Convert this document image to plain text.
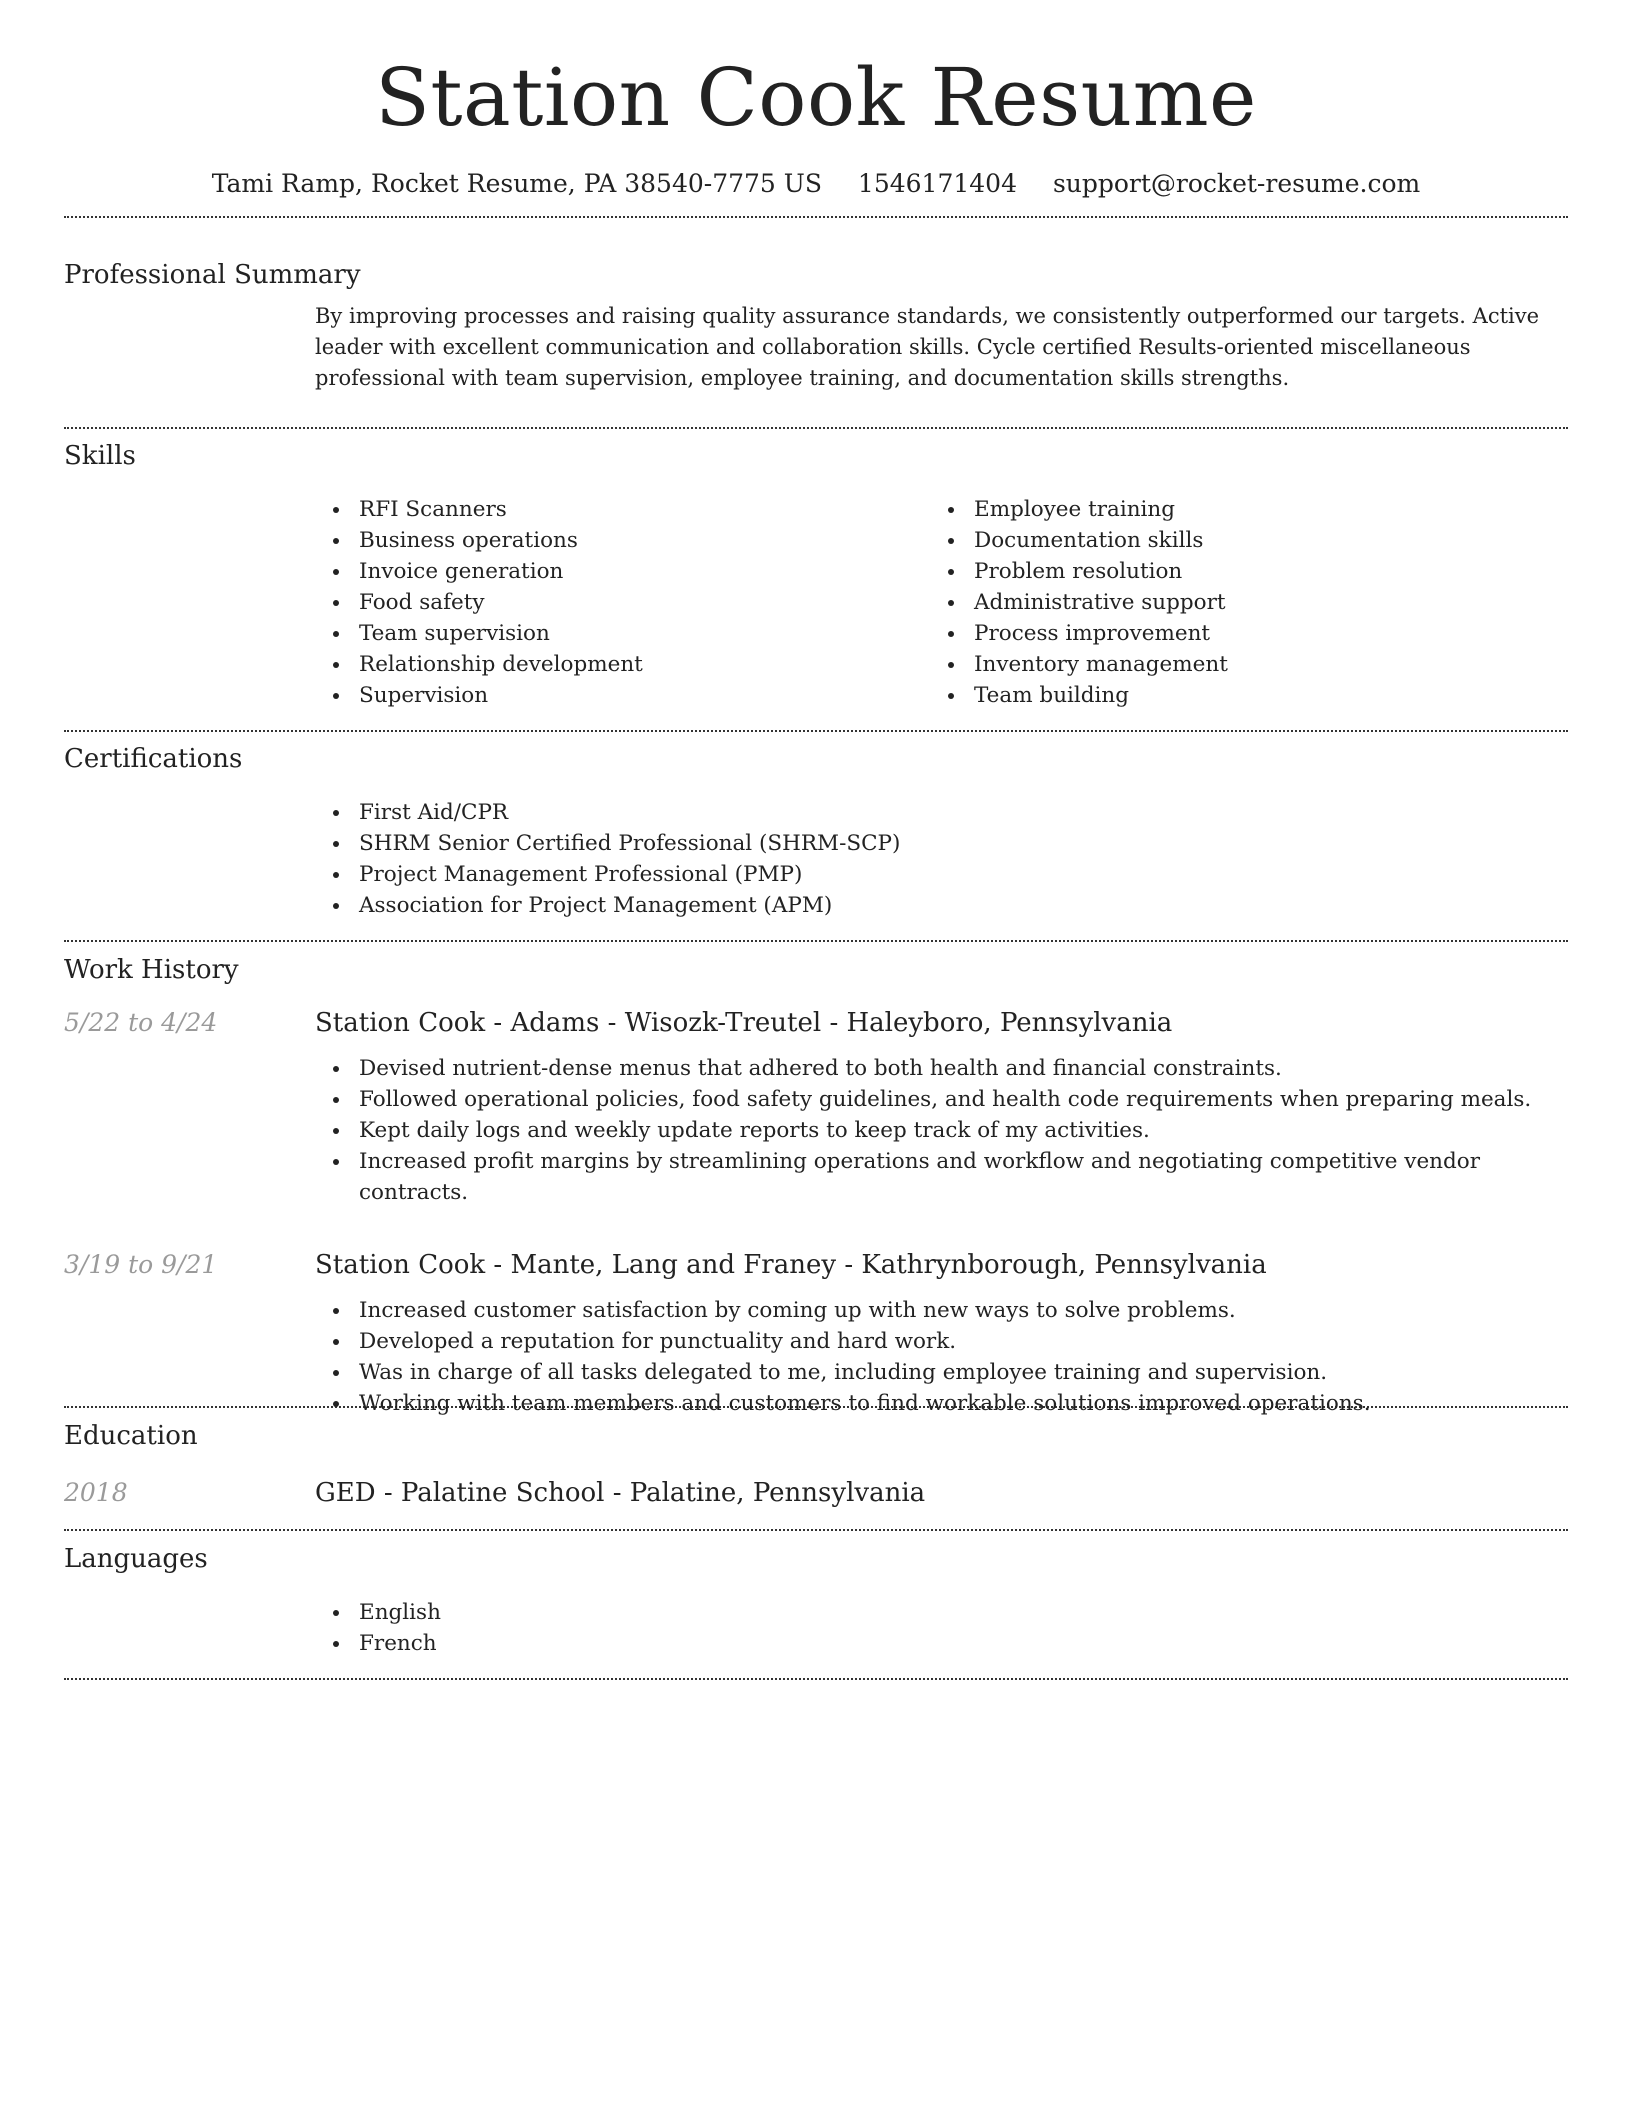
Station Cook Resume
Tami Ramp, Rocket Resume, PA 38540-7775 US 1546171404 support@rocket-resume.com
Professional Summary

By improving processes and raising quality assurance standards, we consistently outperformed our targets. Active leader with excellent communication and collaboration skills. Cycle certified Results-oriented miscellaneous professional with team supervision, employee training, and documentation skills strengths.

Skills
RFI Scanners
Business operations
Invoice generation
Food safety
Team supervision
Relationship development
Supervision
Employee training
Documentation skills
Problem resolution
Administrative support
Process improvement
Inventory management
Team building
Certifications
First Aid/CPR
SHRM Senior Certified Professional (SHRM-SCP)
Project Management Professional (PMP)
Association for Project Management (APM)
Work History
5/22 to 4/24	Station Cook - Adams - Wisozk-Treutel - Haleyboro, Pennsylvania
Devised nutrient-dense menus that adhered to both health and financial constraints.
Followed operational policies, food safety guidelines, and health code requirements when preparing meals.
Kept daily logs and weekly update reports to keep track of my activities.
Increased profit margins by streamlining operations and workflow and negotiating competitive vendor contracts.
3/19 to 9/21	Station Cook - Mante, Lang and Franey - Kathrynborough, Pennsylvania
Increased customer satisfaction by coming up with new ways to solve problems.
Developed a reputation for punctuality and hard work.
Was in charge of all tasks delegated to me, including employee training and supervision.
Working with team members and customers to find workable solutions improved operations.
Education
2018	GED - Palatine School - Palatine, Pennsylvania
Languages
English
French
